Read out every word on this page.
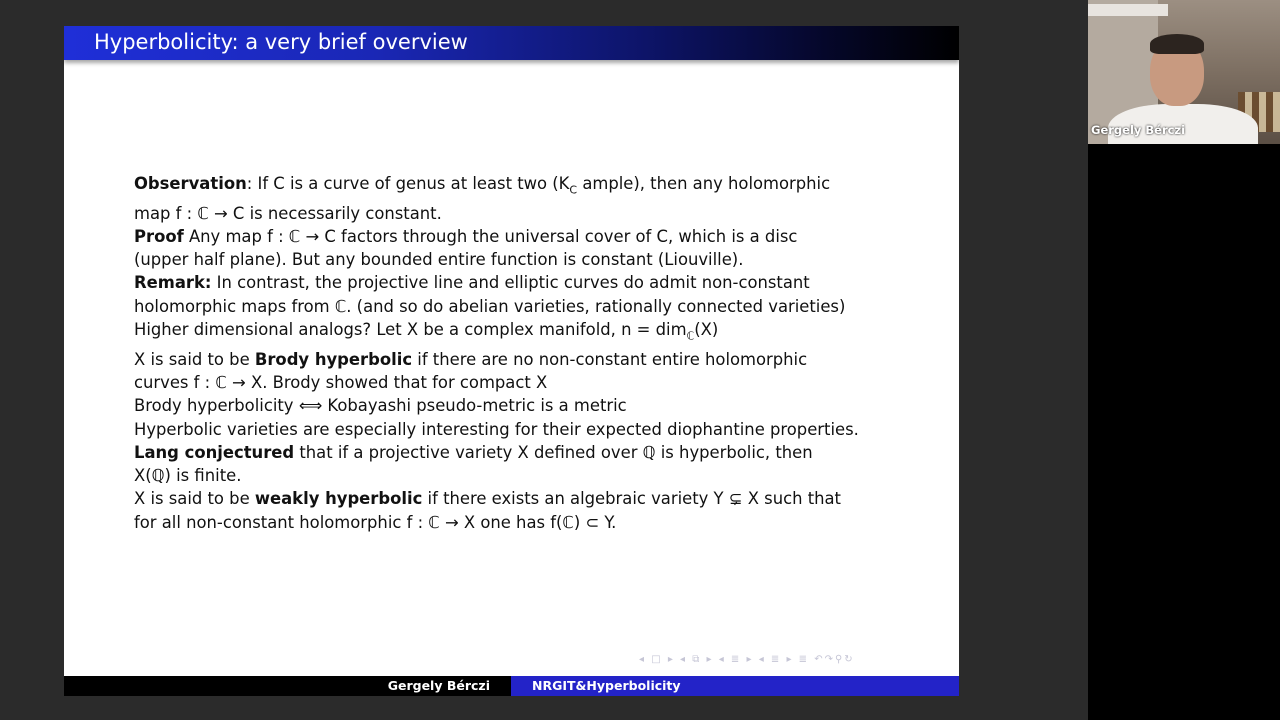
Hyperbolicity: a very brief overview
Observation: If C is a curve of genus at least two ($K_C$ ample), then any holomorphic
map f : ℂ → C is necessarily constant.
Proof Any map f : ℂ → C factors through the universal cover of C, which is a disc
(upper half plane). But any bounded entire function is constant (Liouville).
Remark: In contrast, the projective line and elliptic curves do admit non-constant
holomorphic maps from ℂ. (and so do abelian varieties, rationally connected varieties)
Higher dimensional analogs? Let X be a complex manifold, n = dim$_ℂ$(X)
X is said to be Brody hyperbolic if there are no non-constant entire holomorphic
curves f : ℂ → X. Brody showed that for compact X
Brody hyperbolicity ⟺ Kobayashi pseudo-metric is a metric
Hyperbolic varieties are especially interesting for their expected diophantine properties.
Lang conjectured that if a projective variety X defined over ℚ is hyperbolic, then
X(ℚ) is finite.
X is said to be weakly hyperbolic if there exists an algebraic variety Y ⊊ X such that
for all non-constant holomorphic f : ℂ → X one has f(ℂ) ⊂ Y.
◂ □ ▸ ◂ ⧉ ▸ ◂ ≣ ▸ ◂ ≣ ▸ ≣ ↶↷⚲↻
Gergely Bérczi	NRGIT&Hyperbolicity
Gergely Bérczi
